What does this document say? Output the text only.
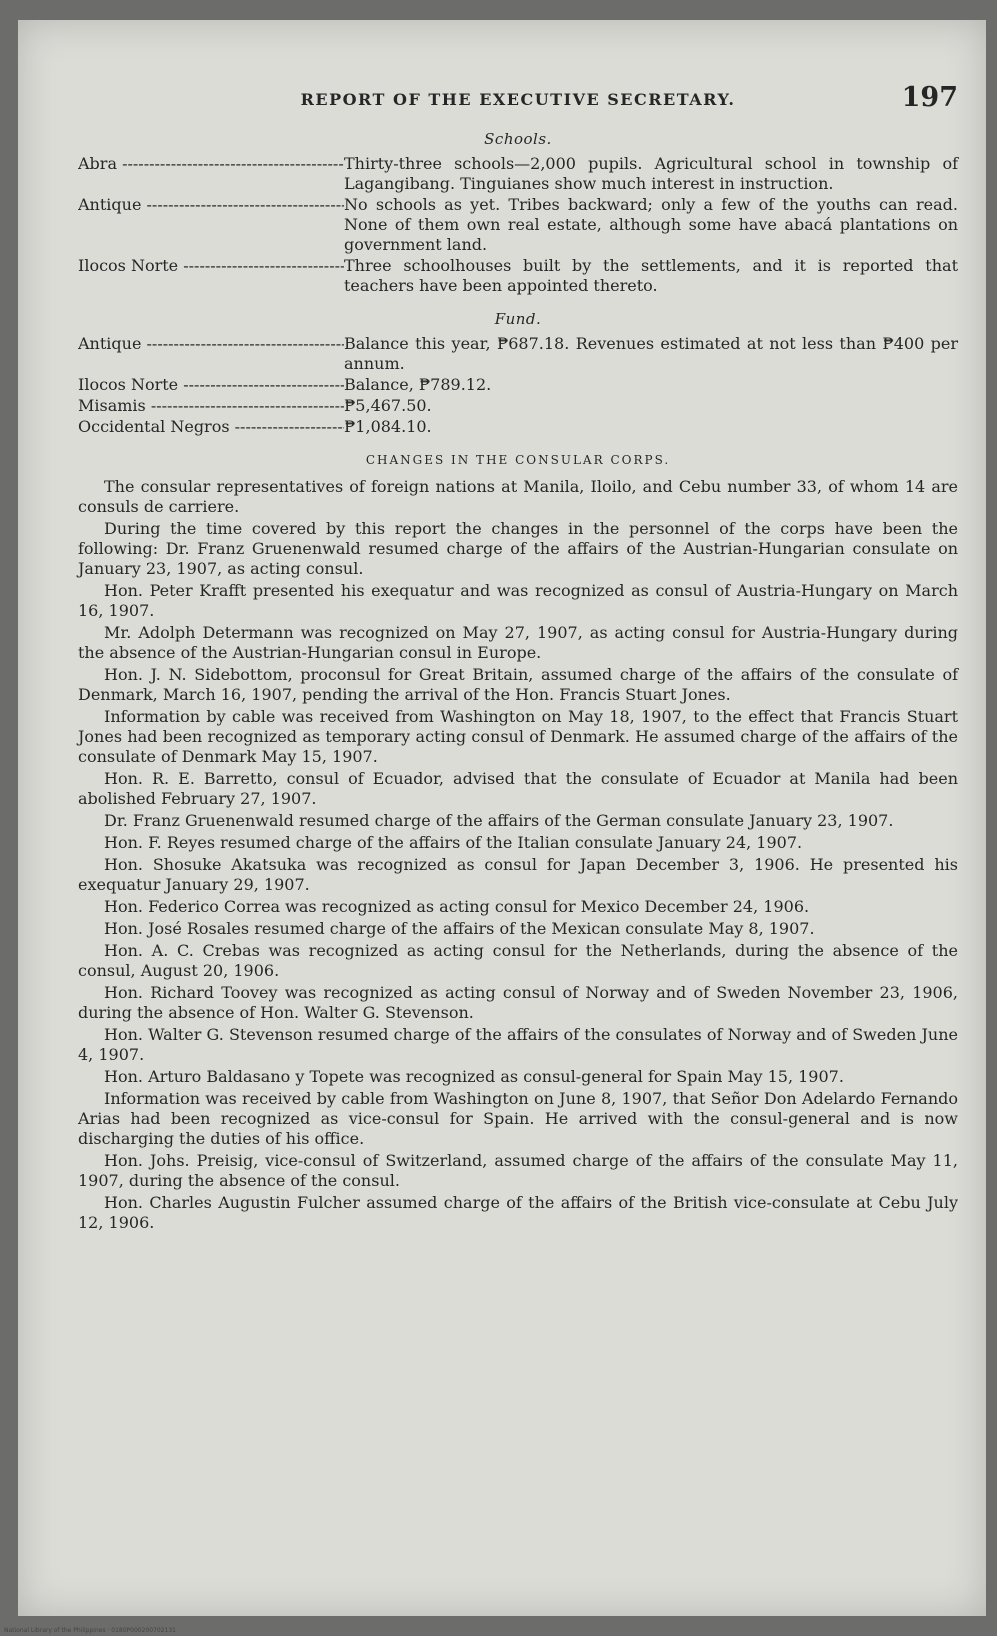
REPORT OF THE EXECUTIVE SECRETARY.	197
Schools.
Abra -----	Thirty-three schools—2,000 pupils. Agricultural school in township of Lagangibang. Tinguianes show much interest in instruction.
Antique -----	No schools as yet. Tribes backward; only a few of the youths can read. None of them own real estate, although some have abacá plantations on government land.
Ilocos Norte -----	Three schoolhouses built by the settlements, and it is reported that teachers have been appointed thereto.
Fund.
Antique -----	Balance this year, ₱687.18. Revenues estimated at not less than ₱400 per annum.
Ilocos Norte -----	Balance, ₱789.12.
Misamis -----	₱5,467.50.
Occidental Negros -----	₱1,084.10.
CHANGES IN THE CONSULAR CORPS.

The consular representatives of foreign nations at Manila, Iloilo, and Cebu number 33, of whom 14 are consuls de carriere.

During the time covered by this report the changes in the personnel of the corps have been the following: Dr. Franz Gruenenwald resumed charge of the affairs of the Austrian-Hungarian consulate on January 23, 1907, as acting consul.

Hon. Peter Krafft presented his exequatur and was recognized as consul of Austria-Hungary on March 16, 1907.

Mr. Adolph Determann was recognized on May 27, 1907, as acting consul for Austria-Hungary during the absence of the Austrian-Hungarian consul in Europe.

Hon. J. N. Sidebottom, proconsul for Great Britain, assumed charge of the affairs of the consulate of Denmark, March 16, 1907, pending the arrival of the Hon. Francis Stuart Jones.

Information by cable was received from Washington on May 18, 1907, to the effect that Francis Stuart Jones had been recognized as temporary acting consul of Denmark. He assumed charge of the affairs of the consulate of Denmark May 15, 1907.

Hon. R. E. Barretto, consul of Ecuador, advised that the consulate of Ecuador at Manila had been abolished February 27, 1907.

Dr. Franz Gruenenwald resumed charge of the affairs of the German consulate January 23, 1907.

Hon. F. Reyes resumed charge of the affairs of the Italian consulate January 24, 1907.

Hon. Shosuke Akatsuka was recognized as consul for Japan December 3, 1906. He presented his exequatur January 29, 1907.

Hon. Federico Correa was recognized as acting consul for Mexico December 24, 1906.

Hon. José Rosales resumed charge of the affairs of the Mexican consulate May 8, 1907.

Hon. A. C. Crebas was recognized as acting consul for the Netherlands, during the absence of the consul, August 20, 1906.

Hon. Richard Toovey was recognized as acting consul of Norway and of Sweden November 23, 1906, during the absence of Hon. Walter G. Stevenson.

Hon. Walter G. Stevenson resumed charge of the affairs of the consulates of Norway and of Sweden June 4, 1907.

Hon. Arturo Baldasano y Topete was recognized as consul-general for Spain May 15, 1907.

Information was received by cable from Washington on June 8, 1907, that Señor Don Adelardo Fernando Arias had been recognized as vice-consul for Spain. He arrived with the consul-general and is now discharging the duties of his office.

Hon. Johs. Preisig, vice-consul of Switzerland, assumed charge of the affairs of the consulate May 11, 1907, during the absence of the consul.

Hon. Charles Augustin Fulcher assumed charge of the affairs of the British vice-consulate at Cebu July 12, 1906.

National Library of the Philippines · 0180P000200702131
